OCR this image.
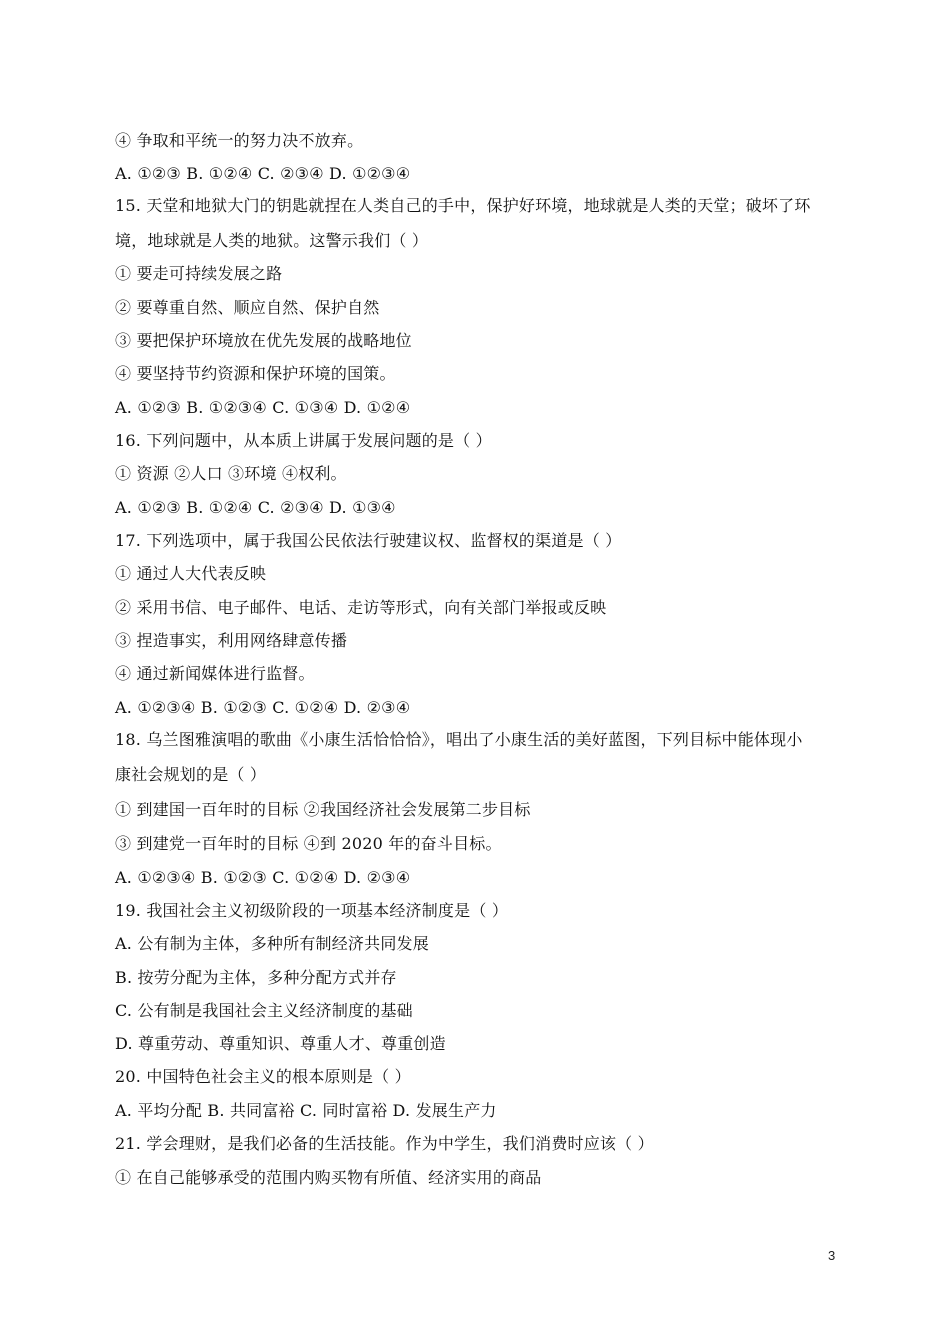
④ 争取和平统一的努力决不放弃。
A. ①②③ B. ①②④ C. ②③④ D. ①②③④
15. 天堂和地狱大门的钥匙就捏在人类自己的手中，保护好环境，地球就是人类的天堂；破坏了环
境，地球就是人类的地狱。这警示我们（ ）
① 要走可持续发展之路
② 要尊重自然、顺应自然、保护自然
③ 要把保护环境放在优先发展的战略地位
④ 要坚持节约资源和保护环境的国策。
A. ①②③ B. ①②③④ C. ①③④ D. ①②④
16. 下列问题中，从本质上讲属于发展问题的是（ ）
① 资源 ②人口 ③环境 ④权利。
A. ①②③ B. ①②④ C. ②③④ D. ①③④
17. 下列选项中，属于我国公民依法行驶建议权、监督权的渠道是（ ）
① 通过人大代表反映
② 采用书信、电子邮件、电话、走访等形式，向有关部门举报或反映
③ 捏造事实，利用网络肆意传播
④ 通过新闻媒体进行监督。
A. ①②③④ B. ①②③ C. ①②④ D. ②③④
18. 乌兰图雅演唱的歌曲《小康生活恰恰恰》，唱出了小康生活的美好蓝图，下列目标中能体现小
康社会规划的是（ ）
① 到建国一百年时的目标 ②我国经济社会发展第二步目标
③ 到建党一百年时的目标 ④到 2020 年的奋斗目标。
A. ①②③④ B. ①②③ C. ①②④ D. ②③④
19. 我国社会主义初级阶段的一项基本经济制度是（ ）
A. 公有制为主体，多种所有制经济共同发展
B. 按劳分配为主体，多种分配方式并存
C. 公有制是我国社会主义经济制度的基础
D. 尊重劳动、尊重知识、尊重人才、尊重创造
20. 中国特色社会主义的根本原则是（ ）
A. 平均分配 B. 共同富裕 C. 同时富裕 D. 发展生产力
21. 学会理财，是我们必备的生活技能。作为中学生，我们消费时应该（ ）
① 在自己能够承受的范围内购买物有所值、经济实用的商品
3
